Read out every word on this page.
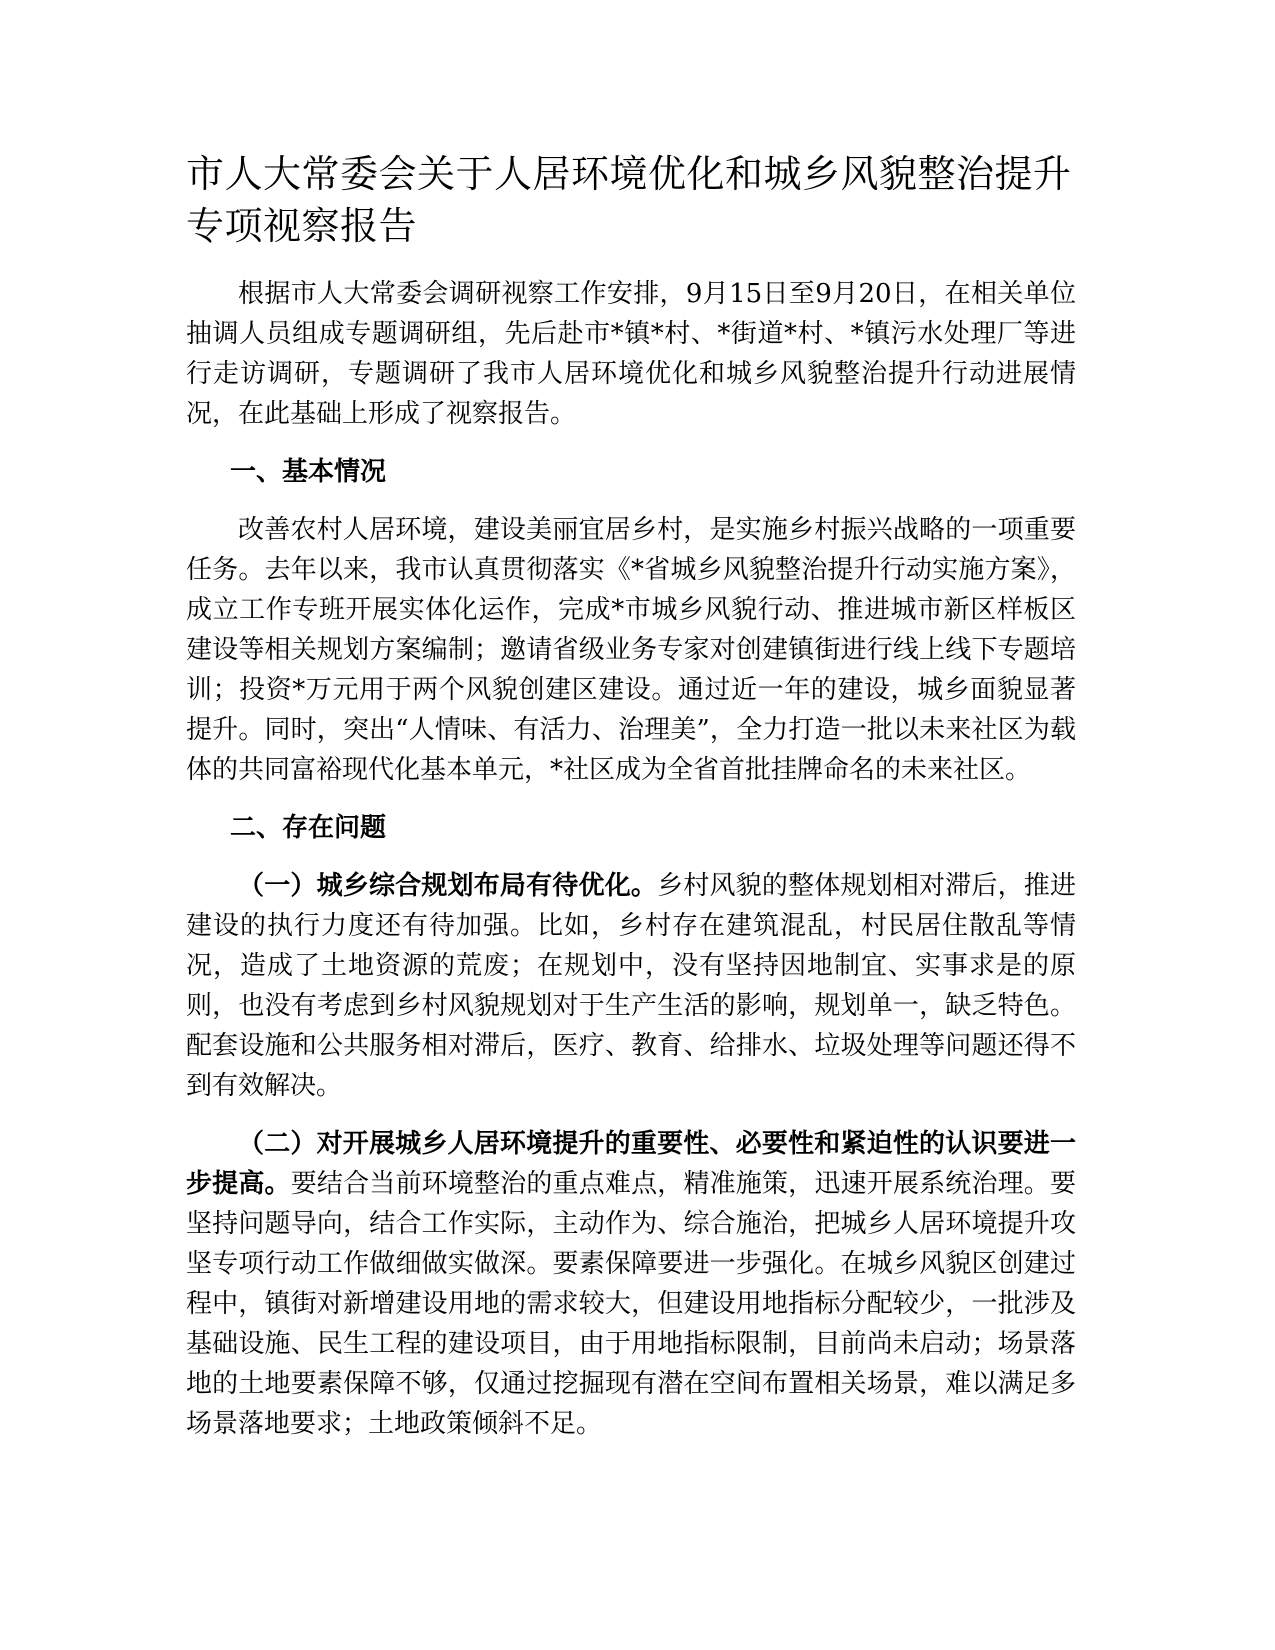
市人大常委会关于人居环境优化和城乡风貌整治提升专项视察报告

根据市人大常委会调研视察工作安排，9月15日至9月20日，在相关单位抽调人员组成专题调研组，先后赴市*镇*村、*街道*村、*镇污水处理厂等进行走访调研，专题调研了我市人居环境优化和城乡风貌整治提升行动进展情况，在此基础上形成了视察报告。

一、基本情况

改善农村人居环境，建设美丽宜居乡村，是实施乡村振兴战略的一项重要任务。去年以来，我市认真贯彻落实《*省城乡风貌整治提升行动实施方案》，成立工作专班开展实体化运作，完成*市城乡风貌行动、推进城市新区样板区建设等相关规划方案编制；邀请省级业务专家对创建镇街进行线上线下专题培训；投资*万元用于两个风貌创建区建设。通过近一年的建设，城乡面貌显著提升。同时，突出“人情味、有活力、治理美”，全力打造一批以未来社区为载体的共同富裕现代化基本单元，*社区成为全省首批挂牌命名的未来社区。

二、存在问题

（一）城乡综合规划布局有待优化。乡村风貌的整体规划相对滞后，推进建设的执行力度还有待加强。比如，乡村存在建筑混乱，村民居住散乱等情况，造成了土地资源的荒废；在规划中，没有坚持因地制宜、实事求是的原则，也没有考虑到乡村风貌规划对于生产生活的影响，规划单一，缺乏特色。配套设施和公共服务相对滞后，医疗、教育、给排水、垃圾处理等问题还得不到有效解决。

（二）对开展城乡人居环境提升的重要性、必要性和紧迫性的认识要进一步提高。要结合当前环境整治的重点难点，精准施策，迅速开展系统治理。要坚持问题导向，结合工作实际，主动作为、综合施治，把城乡人居环境提升攻坚专项行动工作做细做实做深。要素保障要进一步强化。在城乡风貌区创建过程中，镇街对新增建设用地的需求较大，但建设用地指标分配较少，一批涉及基础设施、民生工程的建设项目，由于用地指标限制，目前尚未启动；场景落地的土地要素保障不够，仅通过挖掘现有潜在空间布置相关场景，难以满足多场景落地要求；土地政策倾斜不足。
